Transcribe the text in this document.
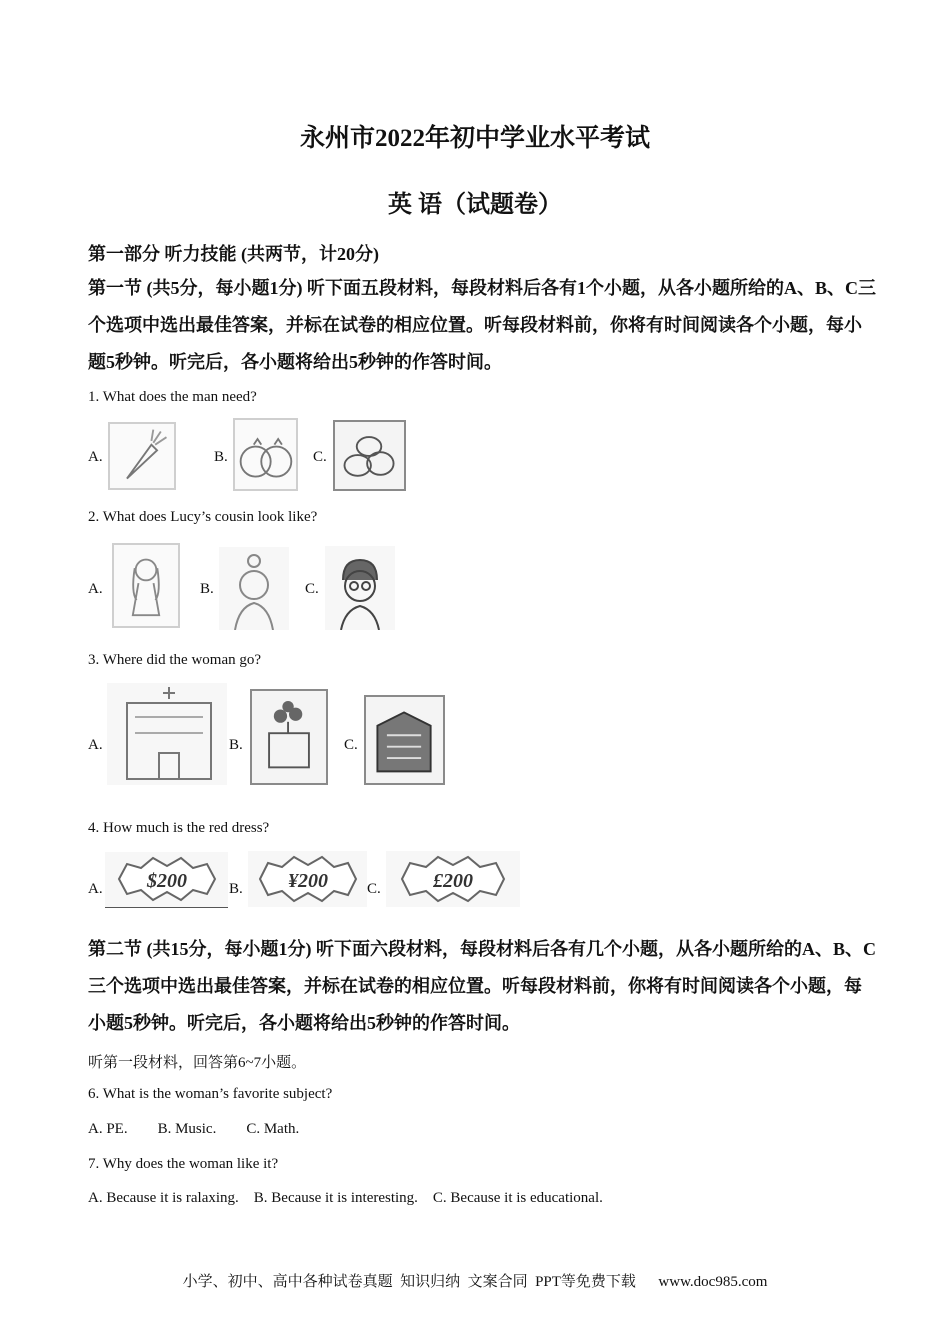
永州市2022年初中学业水平考试
英 语（试题卷）
第一部分 听力技能 (共两节，计20分)
第一节 (共5分，每小题1分) 听下面五段材料，每段材料后各有1个小题，从各小题所给的A、B、C三个选项中选出最佳答案，并标在试卷的相应位置。听每段材料前，你将有时间阅读各个小题，每小题5秒钟。听完后，各小题将给出5秒钟的作答时间。
1. What does the man need?
A.	B.	C.
2. What does Lucy’s cousin look like?
A.	B.	C.
3. Where did the woman go?
A.	B.	C.
4. How much is the red dress?
A. $200	B. ¥200	C.	£200
第二节 (共15分，每小题1分) 听下面六段材料，每段材料后各有几个小题，从各小题所给的A、B、C三个选项中选出最佳答案，并标在试卷的相应位置。听每段材料前，你将有时间阅读各个小题，每小题5秒钟。听完后，各小题将给出5秒钟的作答时间。
听第一段材料，回答第6~7小题。
6. What is the woman’s favorite subject?
A. PE.        B. Music.        C. Math.
7. Why does the woman like it?
A. Because it is ralaxing.    B. Because it is interesting.    C. Because it is educational.
小学、初中、高中各种试卷真题  知识归纳  文案合同  PPT等免费下载      www.doc985.com
